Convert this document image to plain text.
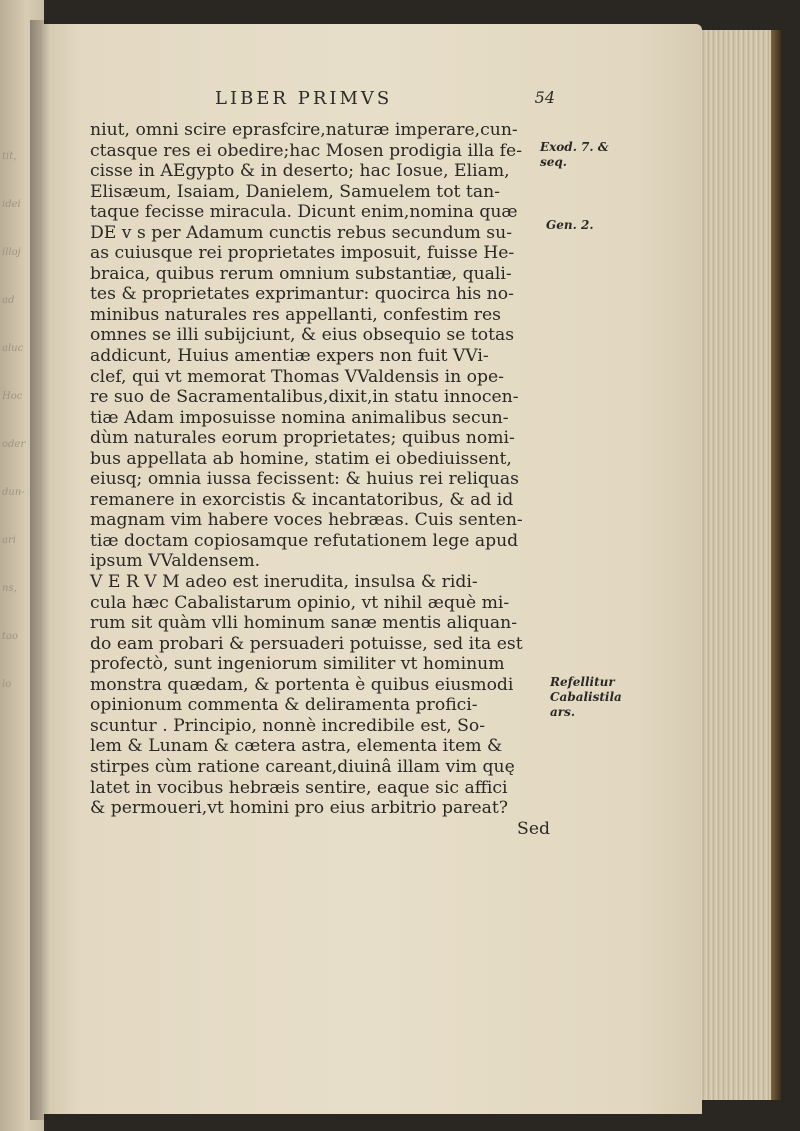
tit,
idei
illoj
ad
aluc
Hoc
oder
dun-
ari
ns,
tao
lo
LIBER PRIMVS	54
niut, omni scire eprasfcire,naturæ imperare,cun-
ctasque res ei obedire;hac Mosen prodigia illa fe-
cisse in AEgypto & in deserto; hac Iosue, Eliam,
Elisæum, Isaiam, Danielem, Samuelem tot tan-
taque fecisse miracula. Dicunt enim,nomina quæ
DE v s per Adamum cunctis rebus secundum su-
as cuiusque rei proprietates imposuit, fuisse He-
braica, quibus rerum omnium substantiæ, quali-
tes & proprietates exprimantur: quocirca his no-
minibus naturales res appellanti, confestim res
omnes se illi subijciunt, & eius obsequio se totas
addicunt, Huius amentiæ expers non fuit VVi-
clef, qui vt memorat Thomas VValdensis in ope-
re suo de Sacramentalibus,dixit,in statu innocen-
tiæ Adam imposuisse nomina animalibus secun-
dùm naturales eorum proprietates; quibus nomi-
bus appellata ab homine, statim ei obediuissent,
eiusq; omnia iussa fecissent: & huius rei reliquas
remanere in exorcistis & incantatoribus, & ad id
magnam vim habere voces hebræas. Cuis senten-
tiæ doctam copiosamque refutationem lege apud
ipsum VValdensem.
V E R V M adeo est inerudita, insulsa & ridi-
cula hæc Cabalistarum opinio, vt nihil æquè mi-
rum sit quàm vlli hominum sanæ mentis aliquan-
do eam probari & persuaderi potuisse, sed ita est
profectò, sunt ingeniorum similiter vt hominum
monstra quædam, & portenta è quibus eiusmodi
opinionum commenta & deliramenta profici-
scuntur . Principio, nonnè incredibile est, So-
lem & Lunam & cætera astra, elementa item &
stirpes cùm ratione careant,diuinâ illam vim quę
latet in vocibus hebræis sentire, eaque sic affici
& permoueri,vt homini pro eius arbitrio pareat?
Sed
Exod. 7. &
seq.
Gen. 2.
Refellitur
Cabalistila
ars.
